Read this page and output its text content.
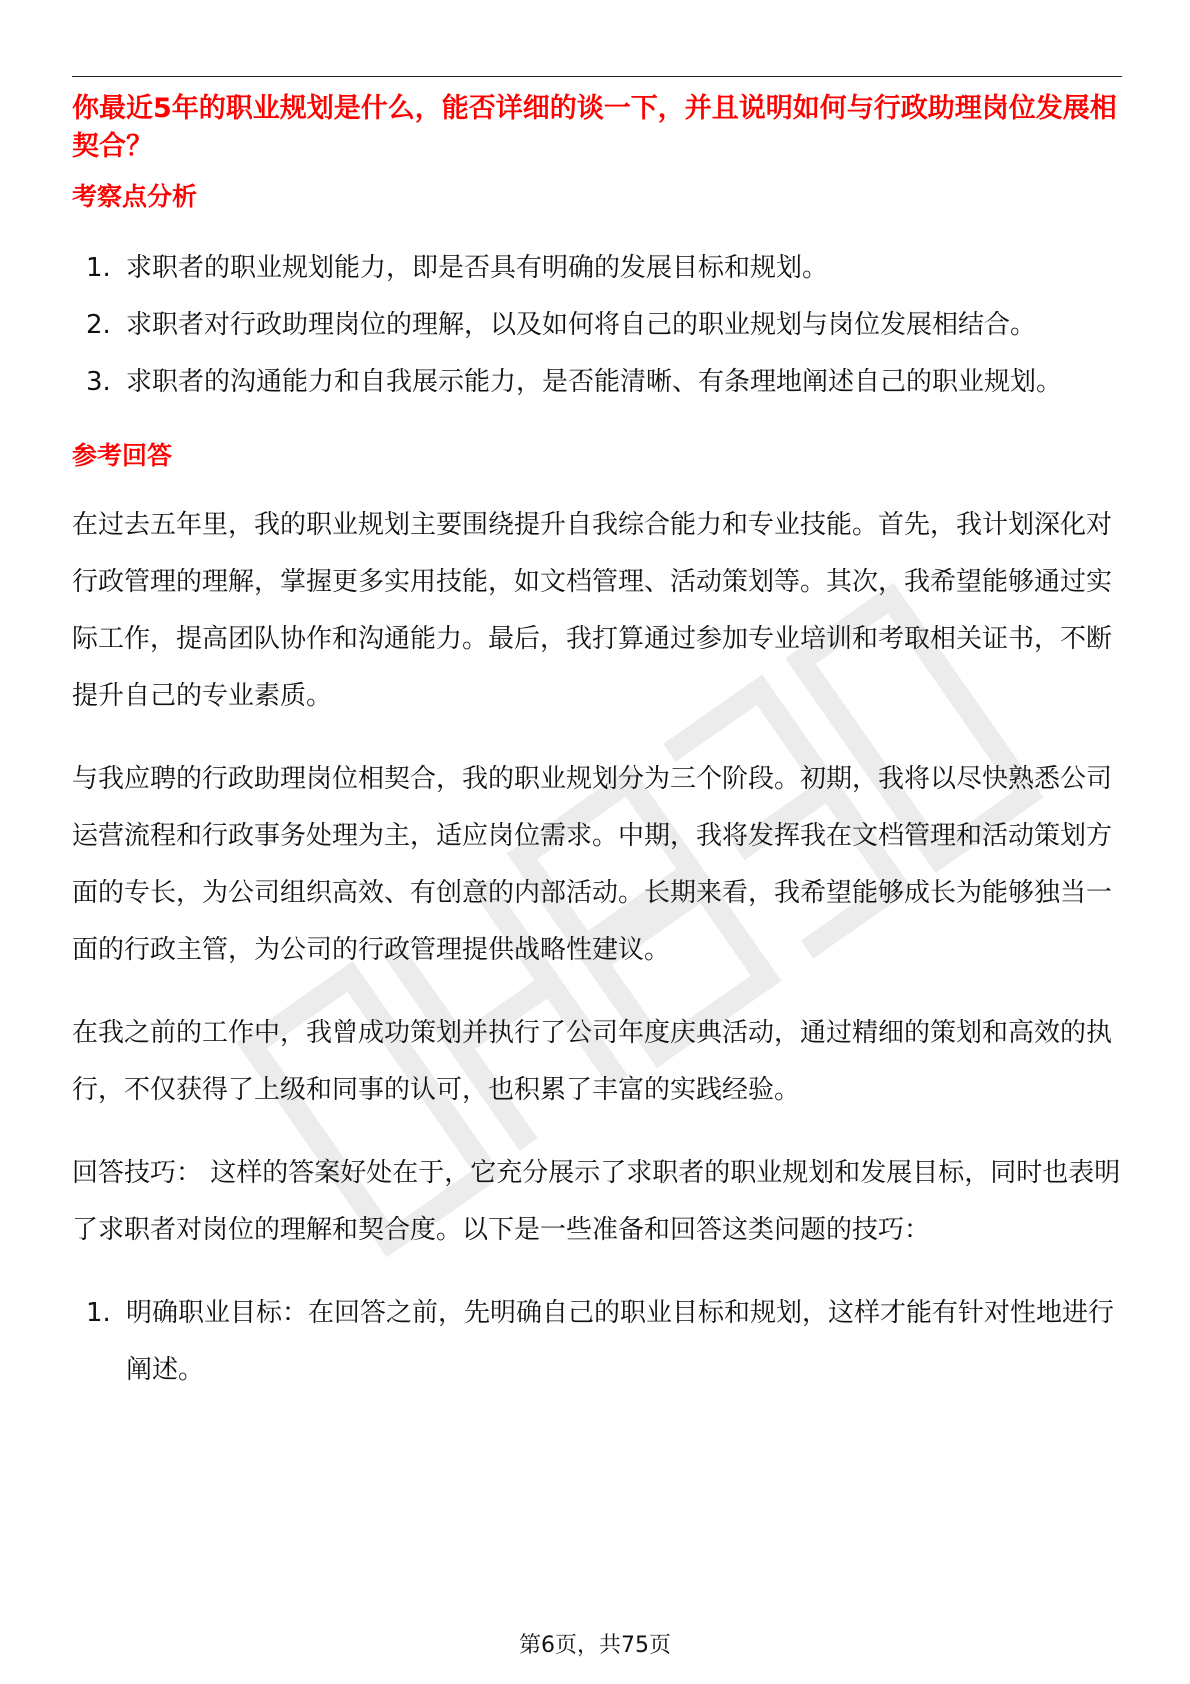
你最近5年的职业规划是什么，能否详细的谈一下，并且说明如何与行政助理岗位发展相契合？
考察点分析
1. 求职者的职业规划能力，即是否具有明确的发展目标和规划。
2. 求职者对行政助理岗位的理解，以及如何将自己的职业规划与岗位发展相结合。
3. 求职者的沟通能力和自我展示能力，是否能清晰、有条理地阐述自己的职业规划。
参考回答

在过去五年里，我的职业规划主要围绕提升自我综合能力和专业技能。首先，我计划深化对行政管理的理解，掌握更多实用技能，如文档管理、活动策划等。其次，我希望能够通过实际工作，提高团队协作和沟通能力。最后，我打算通过参加专业培训和考取相关证书，不断提升自己的专业素质。

与我应聘的行政助理岗位相契合，我的职业规划分为三个阶段。初期，我将以尽快熟悉公司运营流程和行政事务处理为主，适应岗位需求。中期，我将发挥我在文档管理和活动策划方面的专长，为公司组织高效、有创意的内部活动。长期来看，我希望能够成长为能够独当一面的行政主管，为公司的行政管理提供战略性建议。

在我之前的工作中，我曾成功策划并执行了公司年度庆典活动，通过精细的策划和高效的执行，不仅获得了上级和同事的认可，也积累了丰富的实践经验。

回答技巧： 这样的答案好处在于，它充分展示了求职者的职业规划和发展目标，同时也表明了求职者对岗位的理解和契合度。以下是一些准备和回答这类问题的技巧：

1. 明确职业目标：在回答之前，先明确自己的职业目标和规划，这样才能有针对性地进行阐述。
第6页，共75页
